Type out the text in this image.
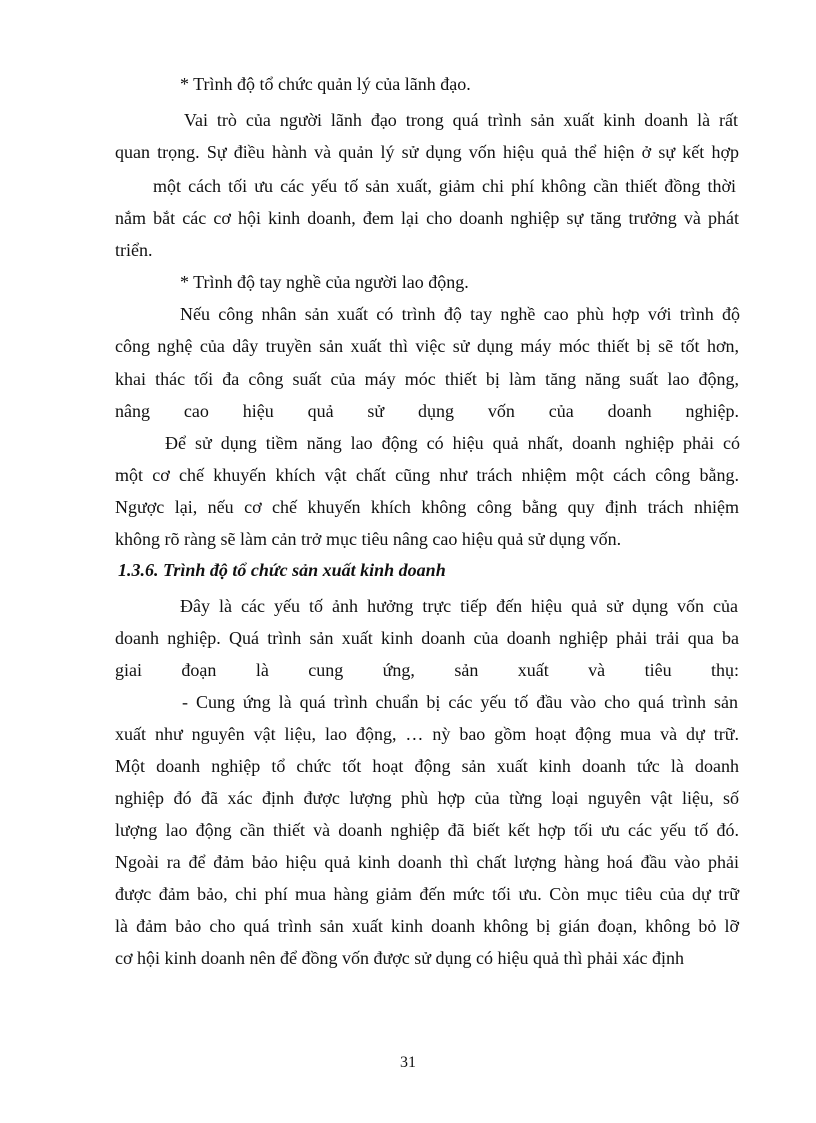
* Trình độ tổ chức quản lý của lãnh đạo.
Vai trò của người lãnh đạo trong quá trình sản xuất kinh doanh là rất
quan trọng. Sự điều hành và quản lý sử dụng vốn hiệu quả thể hiện ở sự kết hợp
một cách tối ưu các yếu tố sản xuất, giảm chi phí không cần thiết đồng thời
nắm bắt các cơ hội kinh doanh, đem lại cho doanh nghiệp sự tăng trưởng và phát
triển.
* Trình độ tay nghề của người lao động.
Nếu công nhân sản xuất có trình độ tay nghề cao phù hợp với trình độ
công nghệ của dây truyền sản xuất thì việc sử dụng máy móc thiết bị sẽ tốt hơn,
khai thác tối đa công suất của máy móc thiết bị làm tăng năng suất lao động,
nâng cao hiệu quả sử dụng vốn của doanh nghiệp.
Để sử dụng tiềm năng lao động có hiệu quả nhất, doanh nghiệp phải có
một cơ chế khuyến khích vật chất cũng như trách nhiệm một cách công bằng.
Ngược lại, nếu cơ chế khuyến khích không công bằng quy định trách nhiệm
không rõ ràng sẽ làm cản trở mục tiêu nâng cao hiệu quả sử dụng vốn.
1.3.6. Trình độ tổ chức sản xuất kinh doanh
Đây là các yếu tố ảnh hưởng trực tiếp đến hiệu quả sử dụng vốn của
doanh nghiệp. Quá trình sản xuất kinh doanh của doanh nghiệp phải trải qua ba
giai đoạn là cung ứng, sản xuất và tiêu thụ:
- Cung ứng là quá trình chuẩn bị các yếu tố đầu vào cho quá trình sản
xuất như nguyên vật liệu, lao động, … nỳ bao gồm hoạt động mua và dự trữ.
Một doanh nghiệp tổ chức tốt hoạt động sản xuất kinh doanh tức là doanh
nghiệp đó đã xác định được lượng phù hợp của từng loại nguyên vật liệu, số
lượng lao động cần thiết và doanh nghiệp đã biết kết hợp tối ưu các yếu tố đó.
Ngoài ra để đảm bảo hiệu quả kinh doanh thì chất lượng hàng hoá đầu vào phải
được đảm bảo, chi phí mua hàng giảm đến mức tối ưu. Còn mục tiêu của dự trữ
là đảm bảo cho quá trình sản xuất kinh doanh không bị gián đoạn, không bỏ lỡ
cơ hội kinh doanh nên để đồng vốn được sử dụng có hiệu quả thì phải xác định
31
